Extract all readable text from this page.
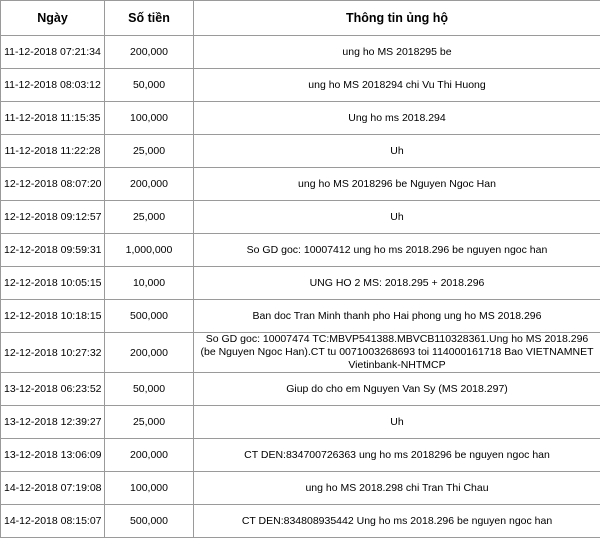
Ngày	Số tiền	Thông tin ủng hộ
11-12-2018 07:21:34	200,000	ung ho MS 2018295 be
11-12-2018 08:03:12	50,000	ung ho MS 2018294 chi Vu Thi Huong
11-12-2018 11:15:35	100,000	Ung ho ms 2018.294
11-12-2018 11:22:28	25,000	Uh
12-12-2018 08:07:20	200,000	ung ho MS 2018296 be Nguyen Ngoc Han
12-12-2018 09:12:57	25,000	Uh
12-12-2018 09:59:31	1,000,000	So GD goc: 10007412 ung ho ms 2018.296 be nguyen ngoc han
12-12-2018 10:05:15	10,000	UNG HO 2 MS: 2018.295 + 2018.296
12-12-2018 10:18:15	500,000	Ban doc Tran Minh thanh pho Hai phong ung ho MS 2018.296
12-12-2018 10:27:32	200,000	So GD goc: 10007474 TC:MBVP541388.MBVCB110328361.Ung ho MS 2018.296 (be Nguyen Ngoc Han).CT tu 0071003268693 toi 114000161718 Bao VIETNAMNET Vietinbank-NHTMCP
13-12-2018 06:23:52	50,000	Giup do cho em Nguyen Van Sy (MS 2018.297)
13-12-2018 12:39:27	25,000	Uh
13-12-2018 13:06:09	200,000	CT DEN:834700726363 ung ho ms 2018296 be nguyen ngoc han
14-12-2018 07:19:08	100,000	ung ho MS 2018.298 chi Tran Thi Chau
14-12-2018 08:15:07	500,000	CT DEN:834808935442 Ung ho ms 2018.296 be nguyen ngoc han
